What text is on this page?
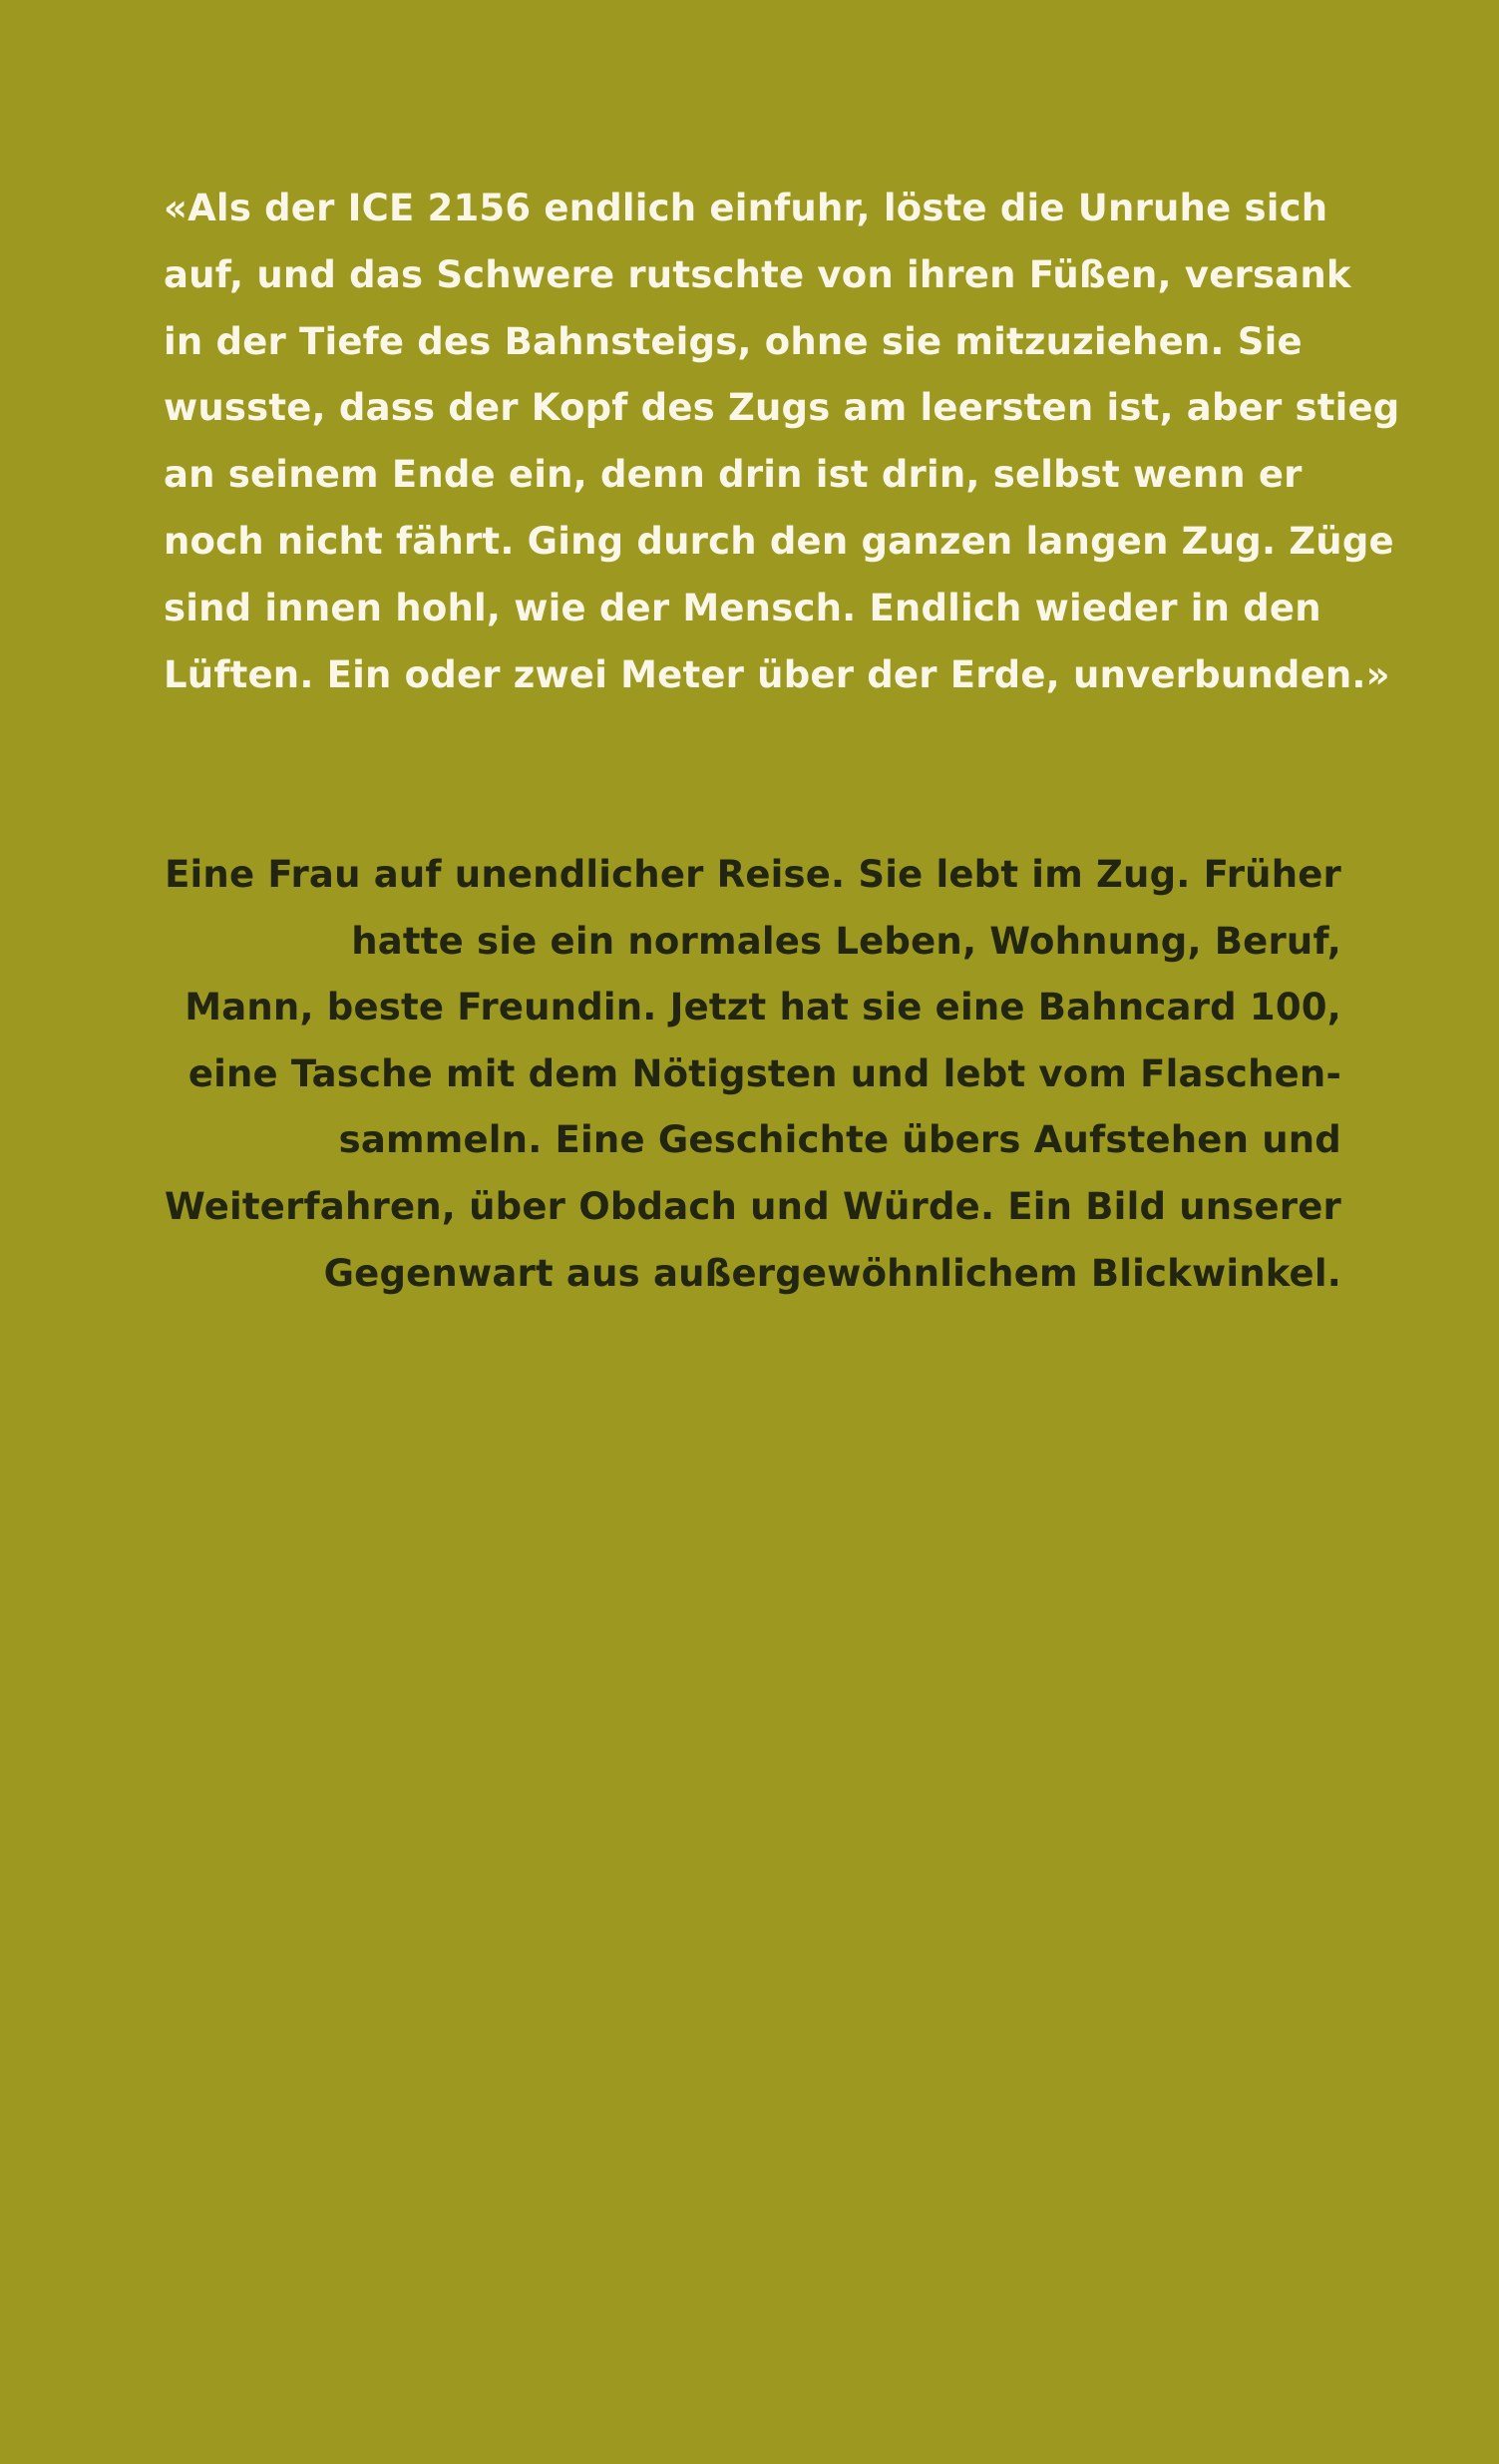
«Als der ICE 2156 endlich einfuhr, löste die Unruhe sich
auf, und das Schwere rutschte von ihren Füßen, versank
in der Tiefe des Bahnsteigs, ohne sie mitzuziehen. Sie
wusste, dass der Kopf des Zugs am leersten ist, aber stieg
an seinem Ende ein, denn drin ist drin, selbst wenn er
noch nicht fährt. Ging durch den ganzen langen Zug. Züge
sind innen hohl, wie der Mensch. Endlich wieder in den
Lüften. Ein oder zwei Meter über der Erde, unverbunden.»

Eine Frau auf unendlicher Reise. Sie lebt im Zug. Früher
hatte sie ein normales Leben, Wohnung, Beruf,
Mann, beste Freundin. Jetzt hat sie eine Bahncard 100,
eine Tasche mit dem Nötigsten und lebt vom Flaschen-
sammeln. Eine Geschichte übers Aufstehen und
Weiterfahren, über Obdach und Würde. Ein Bild unserer
Gegenwart aus außergewöhnlichem Blickwinkel.
